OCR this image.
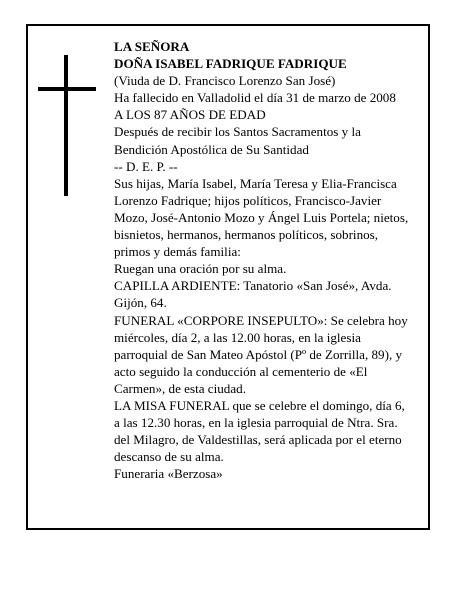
LA SEÑORA
DOÑA ISABEL FADRIQUE FADRIQUE
(Viuda de D. Francisco Lorenzo San José)
Ha fallecido en Valladolid el día 31 de marzo de 2008
A LOS 87 AÑOS DE EDAD
Después de recibir los Santos Sacramentos y la
Bendición Apostólica de Su Santidad
-- D. E. P. --
Sus hijas, María Isabel, María Teresa y Elia-Francisca
Lorenzo Fadrique; hijos políticos, Francisco-Javier
Mozo, José-Antonio Mozo y Ángel Luis Portela; nietos,
bisnietos, hermanos, hermanos políticos, sobrinos,
primos y demás familia:
Ruegan una oración por su alma.
CAPILLA ARDIENTE: Tanatorio «San José», Avda.
Gijón, 64.
FUNERAL «CORPORE INSEPULTO»: Se celebra hoy
miércoles, día 2, a las 12.00 horas, en la iglesia
parroquial de San Mateo Apóstol (Pº de Zorrilla, 89), y
acto seguido la conducción al cementerio de «El
Carmen», de esta ciudad.
LA MISA FUNERAL que se celebre el domingo, día 6,
a las 12.30 horas, en la iglesia parroquial de Ntra. Sra.
del Milagro, de Valdestillas, será aplicada por el eterno
descanso de su alma.
Funeraria «Berzosa»
